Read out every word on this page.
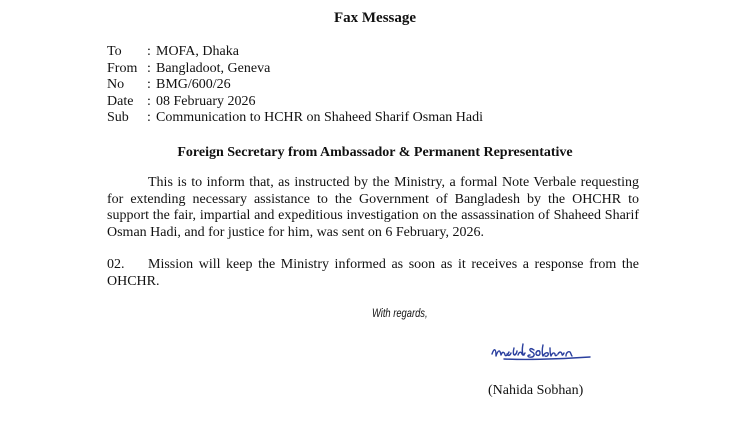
Fax Message
To	: MOFA, Dhaka
From : Bangladoot, Geneva
No	: BMG/600/26
Date : 08 February 2026
Sub	: Communication to HCHR on Shaheed Sharif Osman Hadi
Foreign Secretary from Ambassador & Permanent Representative
This is to inform that, as instructed by the Ministry, a formal Note Verbale requesting for extending necessary assistance to the Government of Bangladesh by the OHCHR to support the fair, impartial and expeditious investigation on the assassination of Shaheed Sharif Osman Hadi, and for justice for him, was sent on 6 February, 2026.
02. Mission will keep the Ministry informed as soon as it receives a response from the OHCHR.
With regards,
(Nahida Sobhan)
